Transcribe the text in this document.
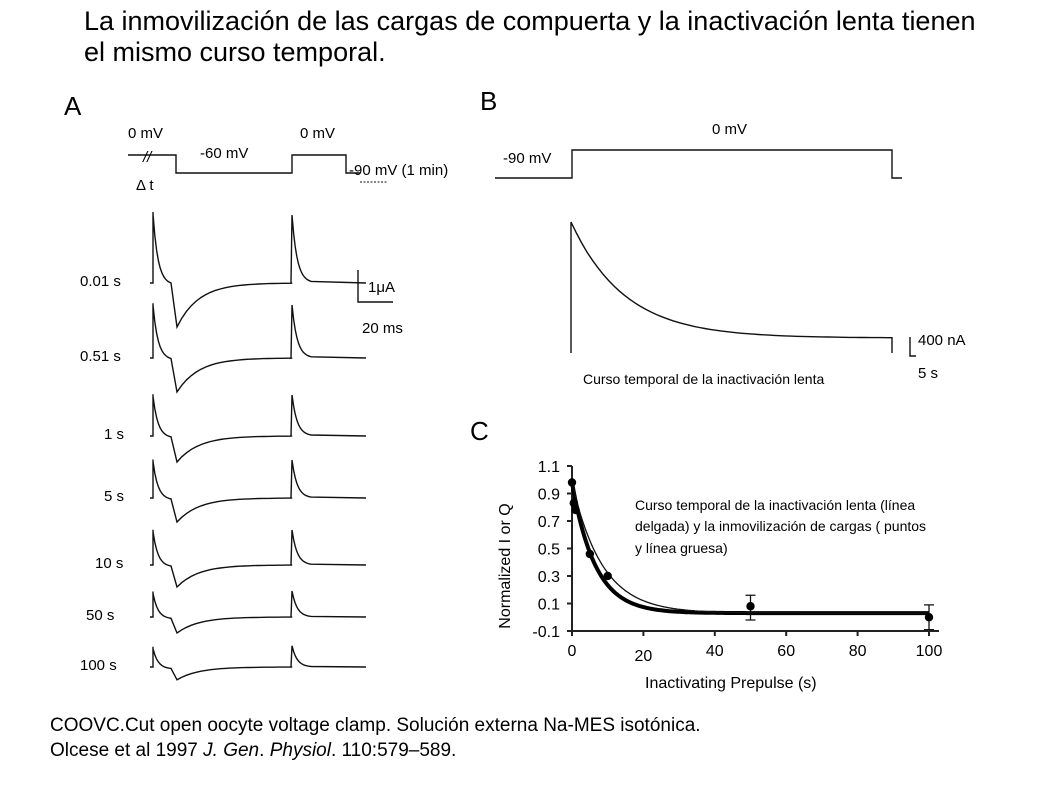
La inmovilización de las cargas de compuerta y la inactivación lenta tienen el mismo curso temporal.
A
//
0 mV
-60 mV
0 mV
-90 mV (1 min)
Δ t
0.01 s
0.51 s
1 s
5 s
10 s
50 s
100 s
1μA
20 ms
B
0 mV
-90 mV
400 nA
5 s
Curso temporal de la inactivación lenta
C
1.1
0.9
0.7
0.5
0.3
0.1
-0.1
0	20	40	60	80	100
Normalized I or Q
Inactivating Prepulse (s)
Curso temporal de la inactivación lenta (línea delgada) y la inmovilización de cargas ( puntos y línea gruesa)
COOVC.Cut open oocyte voltage clamp. Solución externa Na-MES isotónica.
Olcese et al 1997 J. Gen. Physiol. 110:579–589.
